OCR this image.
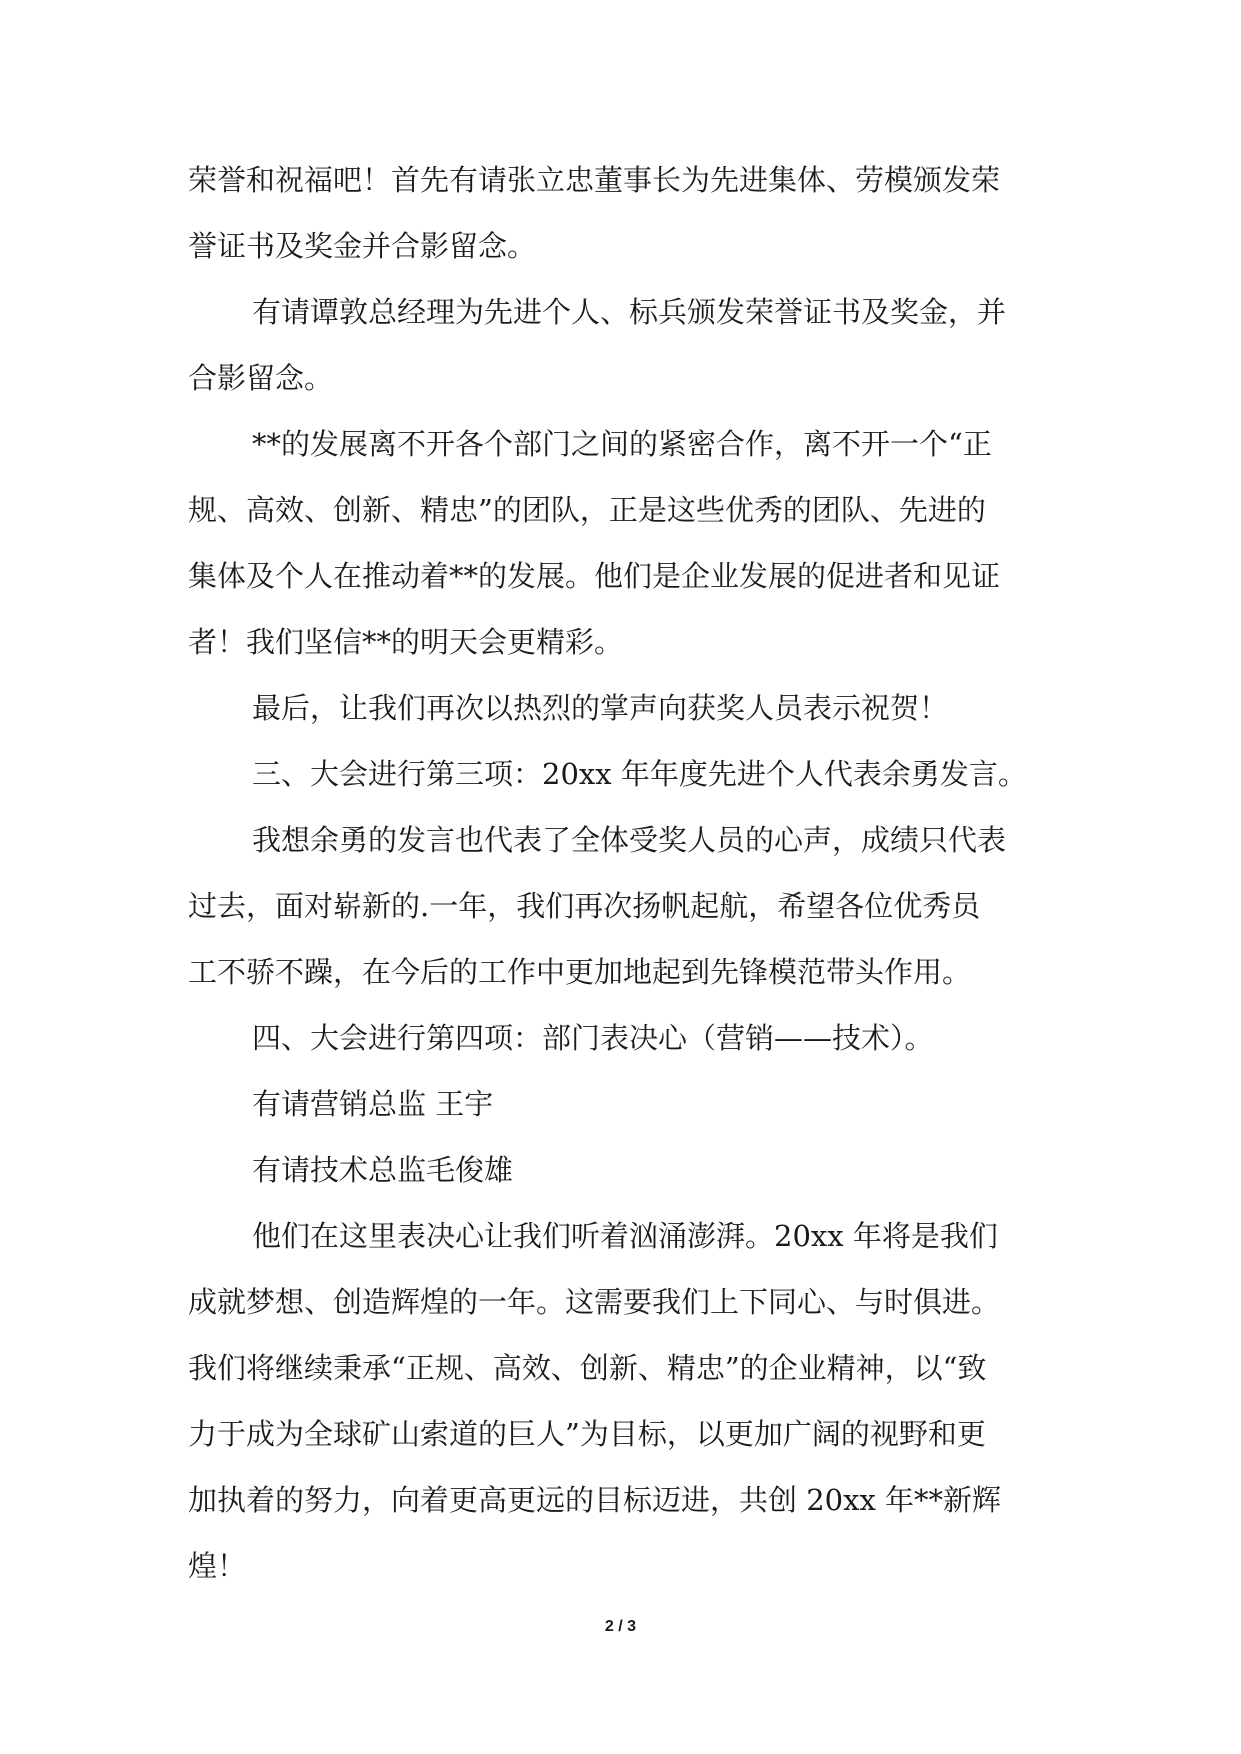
荣誉和祝福吧！首先有请张立忠董事长为先进集体、劳模颁发荣
誉证书及奖金并合影留念。
有请谭敦总经理为先进个人、标兵颁发荣誉证书及奖金，并
合影留念。
**的发展离不开各个部门之间的紧密合作，离不开一个“正
规、高效、创新、精忠”的团队，正是这些优秀的团队、先进的
集体及个人在推动着**的发展。他们是企业发展的促进者和见证
者！我们坚信**的明天会更精彩。
最后，让我们再次以热烈的掌声向获奖人员表示祝贺！
三、大会进行第三项：20xx 年年度先进个人代表余勇发言。
我想余勇的发言也代表了全体受奖人员的心声，成绩只代表
过去，面对崭新的.一年，我们再次扬帆起航，希望各位优秀员
工不骄不躁，在今后的工作中更加地起到先锋模范带头作用。
四、大会进行第四项：部门表决心（营销——技术）。
有请营销总监 王宇
有请技术总监毛俊雄
他们在这里表决心让我们听着汹涌澎湃。20xx 年将是我们
成就梦想、创造辉煌的一年。这需要我们上下同心、与时俱进。
我们将继续秉承“正规、高效、创新、精忠”的企业精神，以“致
力于成为全球矿山索道的巨人”为目标，以更加广阔的视野和更
加执着的努力，向着更高更远的目标迈进，共创 20xx 年**新辉
煌！
2 / 3
